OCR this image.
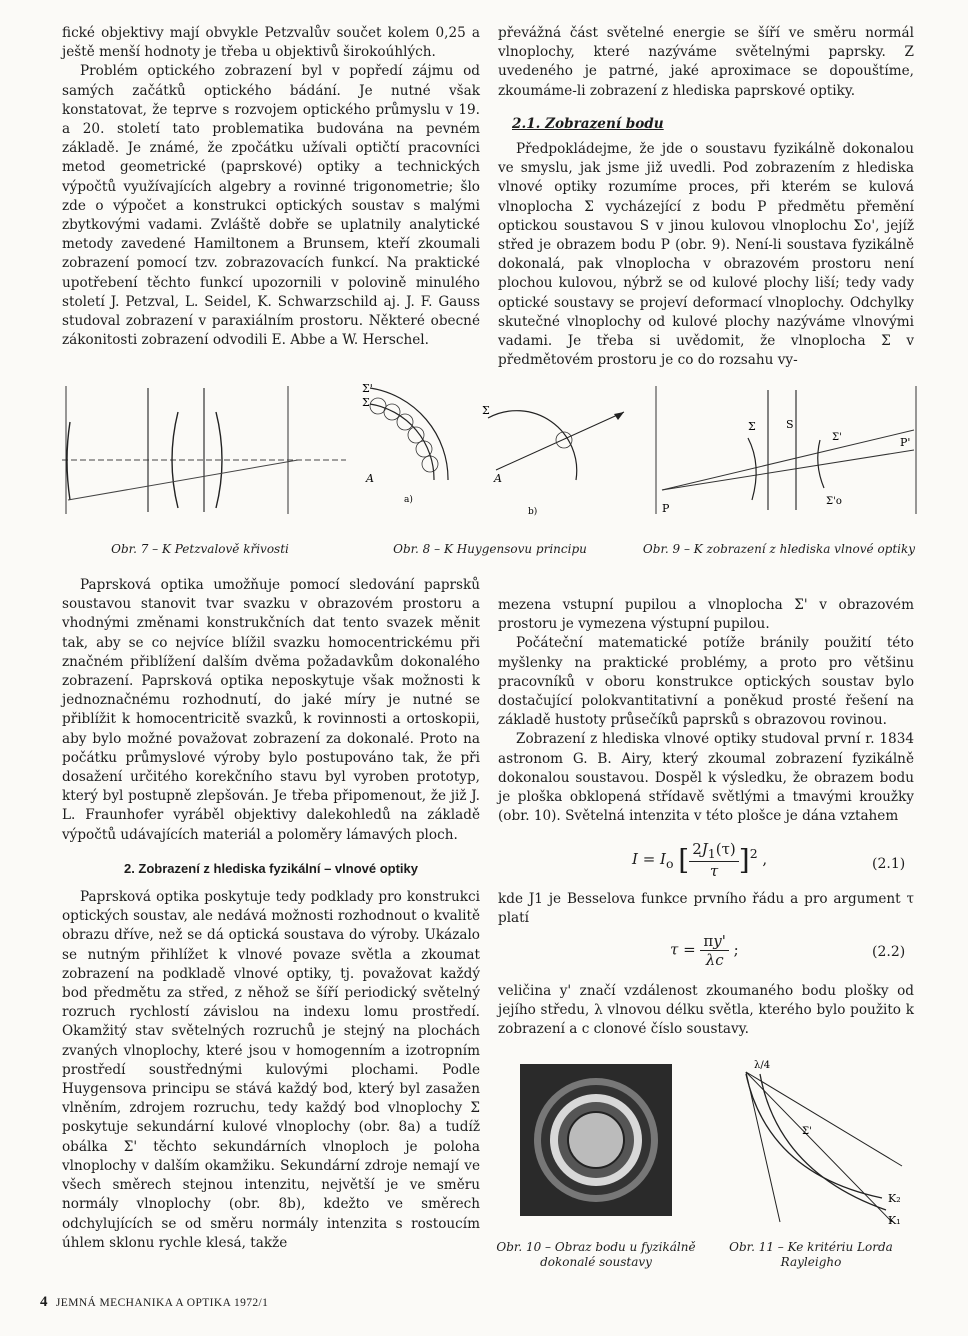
fické objektivy mají obvykle Petzvalův součet kolem 0,25 a ještě menší hodnoty je třeba u objektivů širokoúhlých.

Problém optického zobrazení byl v popředí zájmu od samých začátků optického bádání. Je nutné však konstatovat, že teprve s rozvojem optického průmyslu v 19. a 20. století tato problematika budována na pevném základě. Je známé, že zpočátku užívali optičtí pracovníci metod geometrické (paprskové) optiky a technických výpočtů využívajících algebry a rovinné trigonometrie; šlo zde o výpočet a konstrukci optických soustav s malými zbytkovými vadami. Zvláště dobře se uplatnily analytické metody zavedené Hamiltonem a Brunsem, kteří zkoumali zobrazení pomocí tzv. zobrazovacích funkcí. Na praktické upotřebení těchto funkcí upozornili v polovině minulého století J. Petzval, L. Seidel, K. Schwarzschild aj. J. F. Gauss studoval zobrazení v paraxiálním prostoru. Některé obecné zákonitosti zobrazení odvodili E. Abbe a W. Herschel.

převážná část světelné energie se šíří ve směru normál vlnoplochy, které nazýváme světelnými paprsky. Z uvedeného je patrné, jaké aproximace se dopouštíme, zkoumáme-li zobrazení z hlediska paprskové optiky.

2.1. Zobrazení bodu

Předpokládejme, že jde o soustavu fyzikálně dokonalou ve smyslu, jak jsme již uvedli. Pod zobrazením z hlediska vlnové optiky rozumíme proces, při kterém se kulová vlnoplocha Σ vycházející z bodu P předmětu přemění optickou soustavou S v jinou kulovou vlnoplochu Σo', jejíž střed je obrazem bodu P (obr. 9). Není-li soustava fyzikálně dokonalá, pak vlnoplocha v obrazovém prostoru není plochou kulovou, nýbrž se od kulové plochy liší; tedy vady optické soustavy se projeví deformací vlnoplochy. Odchylky skutečné vlnoplochy od kulové plochy nazýváme vlnovými vadami. Je třeba si uvědomit, že vlnoplocha Σ v předmětovém prostoru je co do rozsahu vy-

Σ'
Σ
A
a)
Σ
A
b)	P
Σ	S
Σ'
Σ'o
P'
Obr. 7 – K Petzvalově křivosti	Obr. 8 – K Huygensovu principu	Obr. 9 – K zobrazení z hlediska vlnové optiky

Paprsková optika umožňuje pomocí sledování paprsků soustavou stanovit tvar svazku v obrazovém prostoru a vhodnými změnami konstrukčních dat tento svazek měnit tak, aby se co nejvíce blížil svazku homocentrickému při značném přiblížení dalším dvěma požadavkům dokonalého zobrazení. Paprsková optika neposkytuje však možnosti k jednoznačnému rozhodnutí, do jaké míry je nutné se přiblížit k homocentricitě svazků, k rovinnosti a ortoskopii, aby bylo možné považovat zobrazení za dokonalé. Proto na počátku průmyslové výroby bylo postupováno tak, že při dosažení určitého korekčního stavu byl vyroben prototyp, který byl postupně zlepšován. Je třeba připomenout, že již J. L. Fraunhofer vyráběl objektivy dalekohledů na základě výpočtů udávajících materiál a poloměry lámavých ploch.

2. Zobrazení z hlediska fyzikální – vlnové optiky

Paprsková optika poskytuje tedy podklady pro konstrukci optických soustav, ale nedává možnosti rozhodnout o kvalitě obrazu dříve, než se dá optická soustava do výroby. Ukázalo se nutným přihlížet k vlnové povaze světla a zkoumat zobrazení na podkladě vlnové optiky, tj. považovat každý bod předmětu za střed, z něhož se šíří periodický světelný rozruch rychlostí závislou na indexu lomu prostředí. Okamžitý stav světelných rozruchů je stejný na plochách zvaných vlnoplochy, které jsou v homogenním a izotropním prostředí soustřednými kulovými plochami. Podle Huygensova principu se stává každý bod, který byl zasažen vlněním, zdrojem rozruchu, tedy každý bod vlnoplochy Σ poskytuje sekundární kulové vlnoplochy (obr. 8a) a tudíž obálka Σ' těchto sekundárních vlnoploch je poloha vlnoplochy v dalším okamžiku. Sekundární zdroje nemají ve všech směrech stejnou intenzitu, největší je ve směru normály vlnoplochy (obr. 8b), kdežto ve směrech odchylujících se od směru normály intenzita s rostoucím úhlem sklonu rychle klesá, takže

mezena vstupní pupilou a vlnoplocha Σ' v obrazovém prostoru je vymezena výstupní pupilou.

Počáteční matematické potíže bránily použití této myšlenky na praktické problémy, a proto pro většinu pracovníků v oboru konstrukce optických soustav bylo dostačující polokvantitativní a poněkud prosté řešení na základě hustoty průsečíků paprsků s obrazovou rovinou.

Zobrazení z hlediska vlnové optiky studoval první r. 1834 astronom G. B. Airy, který zkoumal zobrazení fyzikálně dokonalou soustavou. Dospěl k výsledku, že obrazem bodu je ploška obklopená střídavě světlými a tmavými kroužky (obr. 10). Světelná intenzita v této plošce je dána vztahem

$I = I_o$ [ $\frac{2J_1(\tau)}{\tau} ]^2$ ,	(2.1)

kde J1 je Besselova funkce prvního řádu a pro argument τ platí

$\tau = \frac{\pi y'}{\lambda c}$ ;	(2.2)

veličina y' značí vzdálenost zkoumaného bodu plošky od jejího středu, λ vlnovou délku světla, kterého bylo použito k zobrazení a c clonové číslo soustavy.

λ/4
Σ'
K₂
K₁
Obr. 10 – Obraz bodu u fyzikálně dokonalé soustavy
Obr. 11 – Ke kritériu Lorda Rayleigho
4 JEMNÁ MECHANIKA A OPTIKA 1972/1
